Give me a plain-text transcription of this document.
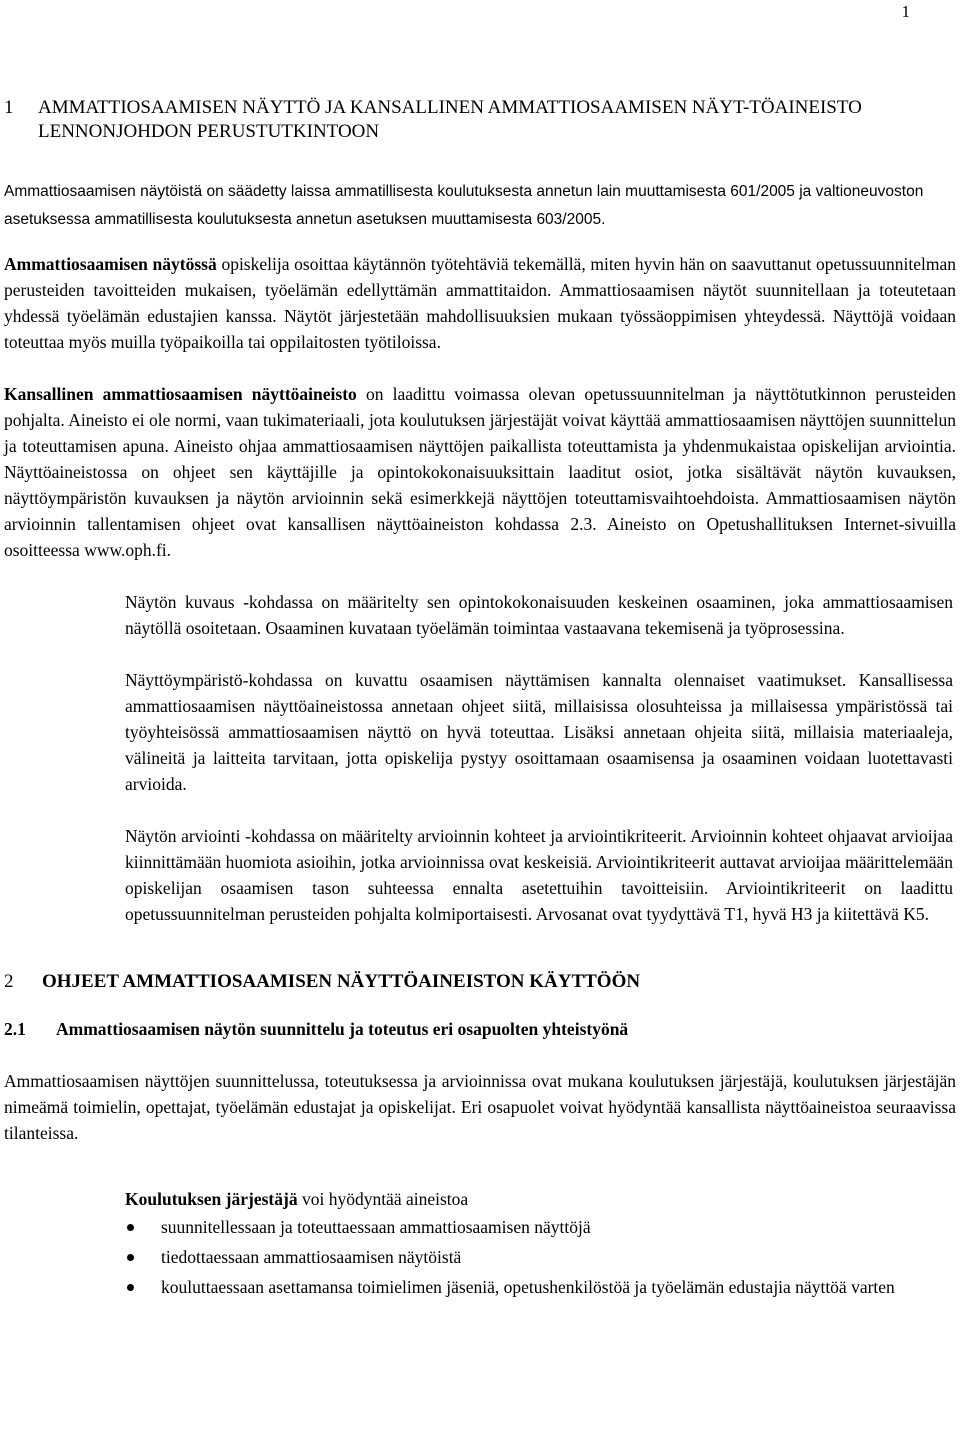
1
1	AMMATTIOSAAMISEN NÄYTTÖ JA KANSALLINEN AMMATTIOSAAMISEN NÄYT-TÖAINEISTO LENNONJOHDON PERUSTUTKINTOON
Ammattiosaamisen näytöistä on säädetty laissa ammatillisesta koulutuksesta annetun lain muuttamisesta 601/2005 ja valtioneuvoston asetuksessa ammatillisesta koulutuksesta annetun asetuksen muuttamisesta 603/2005.

Ammattiosaamisen näytössä opiskelija osoittaa käytännön työtehtäviä tekemällä, miten hyvin hän on saavuttanut opetussuunnitelman perusteiden tavoitteiden mukaisen, työelämän edellyttämän ammattitaidon. Ammattiosaamisen näytöt suunnitellaan ja toteutetaan yhdessä työelämän edustajien kanssa. Näytöt järjestetään mahdollisuuksien mukaan työssäoppimisen yhteydessä. Näyttöjä voidaan toteuttaa myös muilla työpaikoilla tai oppilaitosten työtiloissa.

Kansallinen ammattiosaamisen näyttöaineisto on laadittu voimassa olevan opetussuunnitelman ja näyttötutkinnon perusteiden pohjalta. Aineisto ei ole normi, vaan tukimateriaali, jota koulutuksen järjestäjät voivat käyttää ammattiosaamisen näyttöjen suunnittelun ja toteuttamisen apuna. Aineisto ohjaa ammattiosaamisen näyttöjen paikallista toteuttamista ja yhdenmukaistaa opiskelijan arviointia. Näyttöaineistossa on ohjeet sen käyttäjille ja opintokokonaisuuksittain laaditut osiot, jotka sisältävät näytön kuvauksen, näyttöympäristön kuvauksen ja näytön arvioinnin sekä esimerkkejä näyttöjen toteuttamisvaihtoehdoista. Ammattiosaamisen näytön arvioinnin tallentamisen ohjeet ovat kansallisen näyttöaineiston kohdassa 2.3. Aineisto on Opetushallituksen Internet-sivuilla osoitteessa www.oph.fi.

Näytön kuvaus -kohdassa on määritelty sen opintokokonaisuuden keskeinen osaaminen, joka ammattiosaamisen näytöllä osoitetaan. Osaaminen kuvataan työelämän toimintaa vastaavana tekemisenä ja työprosessina.

Näyttöympäristö-kohdassa on kuvattu osaamisen näyttämisen kannalta olennaiset vaatimukset. Kansallisessa ammattiosaamisen näyttöaineistossa annetaan ohjeet siitä, millaisissa olosuhteissa ja millaisessa ympäristössä tai työyhteisössä ammattiosaamisen näyttö on hyvä toteuttaa. Lisäksi annetaan ohjeita siitä, millaisia materiaaleja, välineitä ja laitteita tarvitaan, jotta opiskelija pystyy osoittamaan osaamisensa ja osaaminen voidaan luotettavasti arvioida.

Näytön arviointi -kohdassa on määritelty arvioinnin kohteet ja arviointikriteerit. Arvioinnin kohteet ohjaavat arvioijaa kiinnittämään huomiota asioihin, jotka arvioinnissa ovat keskeisiä. Arviointikriteerit auttavat arvioijaa määrittelemään opiskelijan osaamisen tason suhteessa ennalta asetettuihin tavoitteisiin. Arviointikriteerit on laadittu opetussuunnitelman perusteiden pohjalta kolmiportaisesti. Arvosanat ovat tyydyttävä T1, hyvä H3 ja kiitettävä K5.

2	OHJEET AMMATTIOSAAMISEN NÄYTTÖAINEISTON KÄYTTÖÖN
2.1	Ammattiosaamisen näytön suunnittelu ja toteutus eri osapuolten yhteistyönä

Ammattiosaamisen näyttöjen suunnittelussa, toteutuksessa ja arvioinnissa ovat mukana koulutuksen järjestäjä, koulutuksen järjestäjän nimeämä toimielin, opettajat, työelämän edustajat ja opiskelijat. Eri osapuolet voivat hyödyntää kansallista näyttöaineistoa seuraavissa tilanteissa.

Koulutuksen järjestäjä voi hyödyntää aineistoa
suunnitellessaan ja toteuttaessaan ammattiosaamisen näyttöjä
tiedottaessaan ammattiosaamisen näytöistä
kouluttaessaan asettamansa toimielimen jäseniä, opetushenkilöstöä ja työelämän edustajia näyttöä varten
